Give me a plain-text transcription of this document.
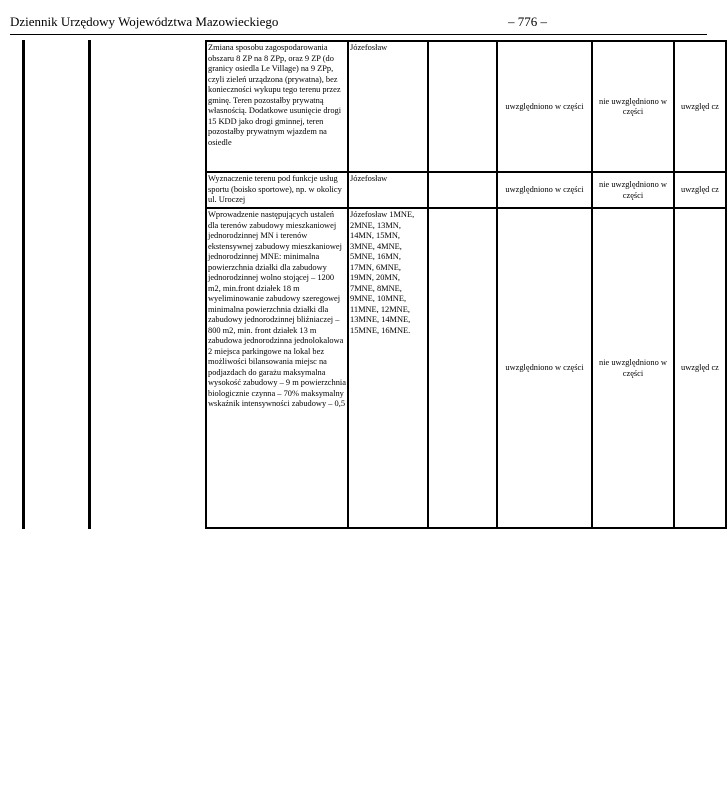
Dziennik Urzędowy Województwa Mazowieckiego	– 776 –
Zmiana sposobu zagospodarowania obszaru 8 ZP na 8 ZPp, oraz 9 ZP (do granicy osiedla Le Village) na 9 ZPp, czyli zieleń urządzona (prywatna), bez konieczności wykupu tego terenu przez gminę. Teren pozostałby prywatną własnością. Dodatkowe usunięcie drogi 15 KDD jako drogi gminnej, teren pozostałby prywatnym wjazdem na osiedle	Józefosław		uwzględniono w części	nie uwzględniono w części	uwzględ cz

Wyznaczenie terenu pod funkcje usług sportu (boisko sportowe), np. w okolicy ul. Uroczej	Józefosław		uwzględniono w części	nie uwzględniono w części	uwzględ cz

Wprowadzenie następujących ustaleń dla terenów zabudowy mieszkaniowej jednorodzinnej MN i terenów ekstensywnej zabudowy mieszkaniowej jednorodzinnej MNE: minimalna powierzchnia działki dla zabudowy jednorodzinnej wolno stojącej – 1200 m2, min.front działek 18 m wyeliminowanie zabudowy szeregowej minimalna powierzchnia działki dla zabudowy jednorodzinnej bliźniaczej – 800 m2, min. front działek 13 m zabudowa jednorodzinna jednolokalowa 2 miejsca parkingowe na lokal bez możliwości bilansowania miejsc na podjazdach do garażu maksymalna wysokość zabudowy – 9 m powierzchnia biologicznie czynna – 70% maksymalny wskaźnik intensywności zabudowy – 0,5	Józefosław 1MNE, 2MNE, 13MN, 14MN, 15MN, 3MNE, 4MNE, 5MNE, 16MN, 17MN, 6MNE, 19MN, 20MN, 7MNE, 8MNE, 9MNE, 10MNE, 11MNE, 12MNE, 13MNE, 14MNE, 15MNE, 16MNE.		uwzględniono w części	nie uwzględniono w części	uwzględ cz
